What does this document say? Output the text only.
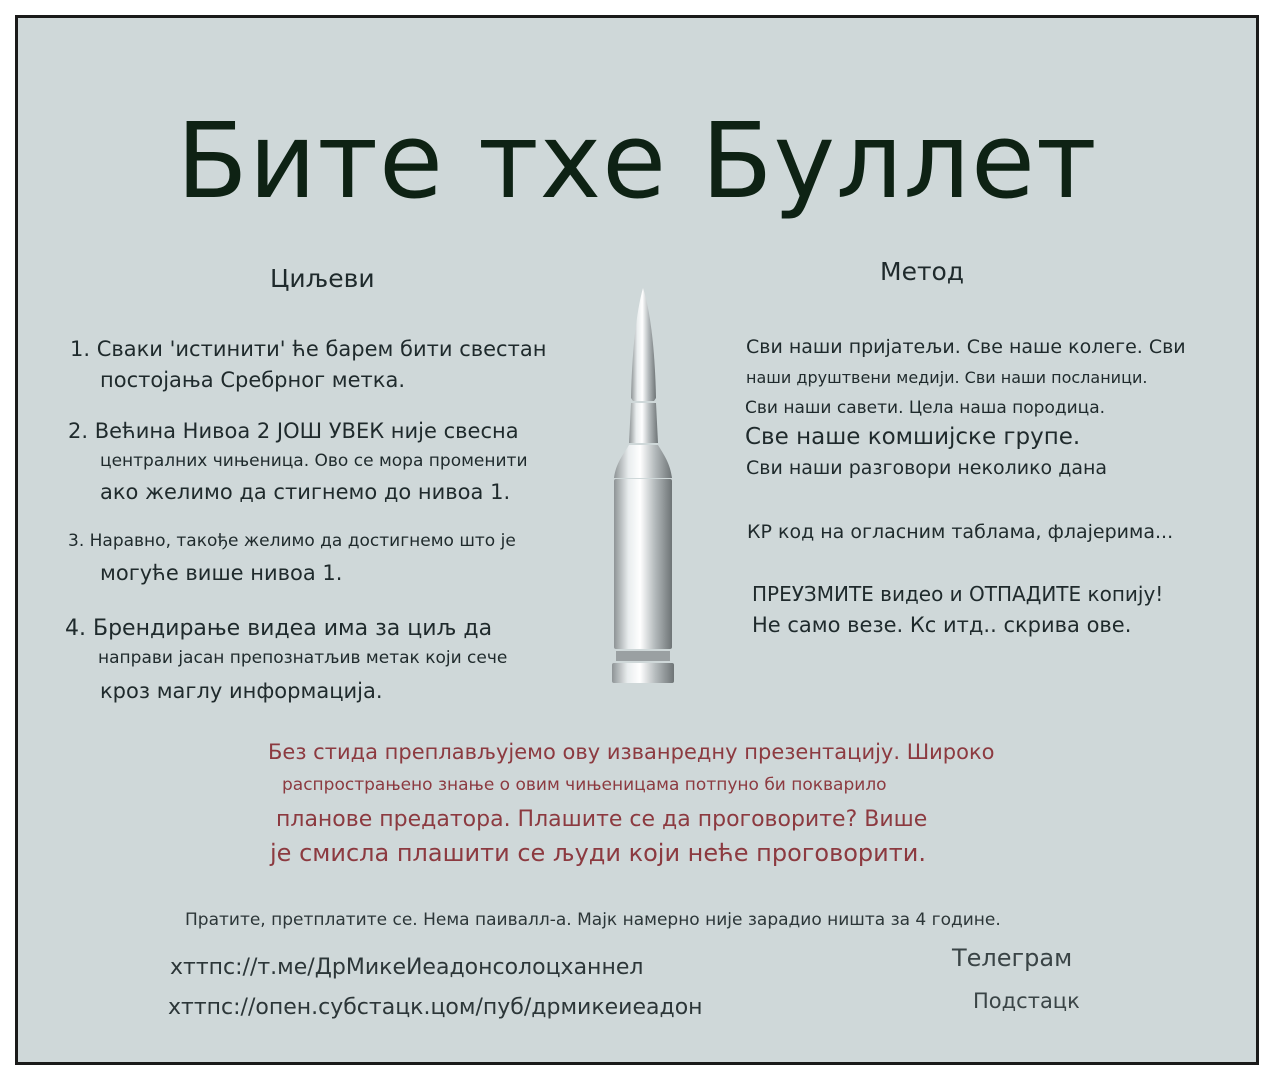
Бите тхе Буллет
Циљеви
1. Сваки 'истинити' ће барем бити свестан
постојања Сребрног метка.
2. Већина Нивоа 2 ЈОШ УВЕК није свесна
централних чињеница. Ово се мора променити
ако желимо да стигнемо до нивоа 1.
3. Наравно, такође желимо да достигнемо што је
могуће више нивоа 1.
4. Брендирање видеа има за циљ да
направи јасан препознатљив метак који сече
кроз маглу информација.
Метод
Сви наши пријатељи. Све наше колеге. Сви
наши друштвени медији. Сви наши посланици.
Сви наши савети. Цела наша породица.
Све наше комшијске групе.
Сви наши разговори неколико дана
КР код на огласним таблама, флајерима...
ПРЕУЗМИТЕ видео и ОТПАДИТЕ копију!
Не само везе. Кс итд.. скрива ове.
Без стида преплављујемо ову изванредну презентацију. Широко
распрострањено знање о овим чињеницама потпуно би покварило
планове предатора. Плашите се да проговорите? Више
је смисла плашити се људи који неће проговорити.
Пратите, претплатите се. Нема паивалл-а. Мајк намерно није зарадио ништа за 4 године.
хттпс://т.ме/ДрМикеИеадонсолоцханнел
хттпс://опен.субстацк.цом/пуб/дрмикеиеадон
Телеграм
Подстацк
